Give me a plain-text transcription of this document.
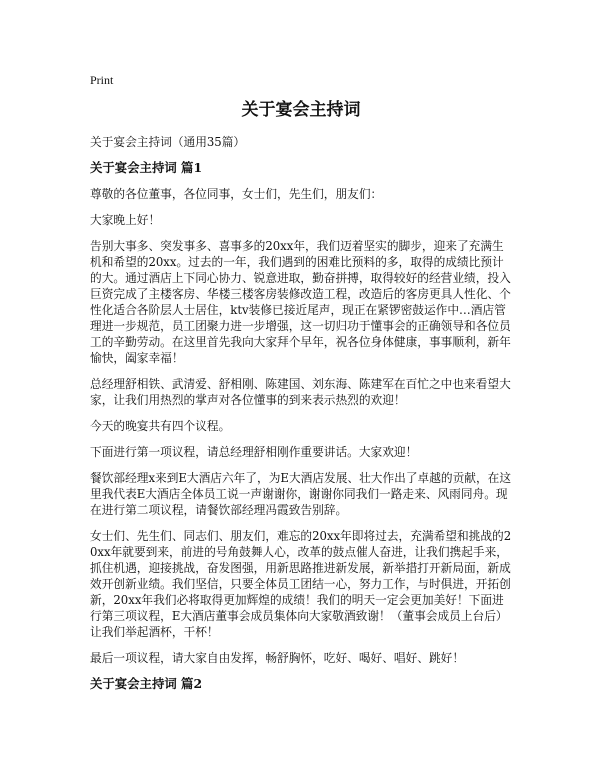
Print
关于宴会主持词
关于宴会主持词（通用35篇）
关于宴会主持词 篇1

尊敬的各位董事，各位同事，女士们，先生们，朋友们：

大家晚上好！

告别大事多、突发事多、喜事多的20xx年，我们迈着坚实的脚步，迎来了充满生机和希望的20xx。过去的一年，我们遇到的困难比预料的多，取得的成绩比预计的大。通过酒店上下同心协力、锐意进取，勤奋拼搏，取得较好的经营业绩，投入巨资完成了主楼客房、华楼三楼客房装修改造工程，改造后的客房更具人性化、个性化适合各阶层人士居住，ktv装修已接近尾声，现正在紧锣密鼓运作中…酒店管理进一步规范，员工团聚力进一步增强，这一切归功于懂事会的正确领导和各位员工的辛勤劳动。在这里首先我向大家拜个早年，祝各位身体健康，事事顺利，新年愉快，阖家幸福！

总经理舒相铁、武清爱、舒相刚、陈建国、刘东海、陈建军在百忙之中也来看望大家，让我们用热烈的掌声对各位懂事的到来表示热烈的欢迎！

今天的晚宴共有四个议程。

下面进行第一项议程，请总经理舒相刚作重要讲话。大家欢迎！

餐饮部经理x来到E大酒店六年了，为E大酒店发展、壮大作出了卓越的贡献，在这里我代表E大酒店全体员工说一声谢谢你，谢谢你同我们一路走来、风雨同舟。现在进行第二项议程，请餐饮部经理冯霞致告别辞。

女士们、先生们、同志们、朋友们，难忘的20xx年即将过去，充满希望和挑战的20xx年就要到来，前进的号角鼓舞人心，改革的鼓点催人奋进，让我们携起手来，抓住机遇，迎接挑战，奋发图强，用新思路推进新发展，新举措打开新局面，新成效开创新业绩。我们坚信，只要全体员工团结一心，努力工作，与时俱进，开拓创新，20xx年我们必将取得更加辉煌的成绩！我们的明天一定会更加美好！下面进行第三项议程，E大酒店董事会成员集体向大家敬酒致谢！（董事会成员上台后）让我们举起酒杯，干杯！

最后一项议程，请大家自由发挥，畅舒胸怀，吃好、喝好、唱好、跳好！

关于宴会主持词 篇2
